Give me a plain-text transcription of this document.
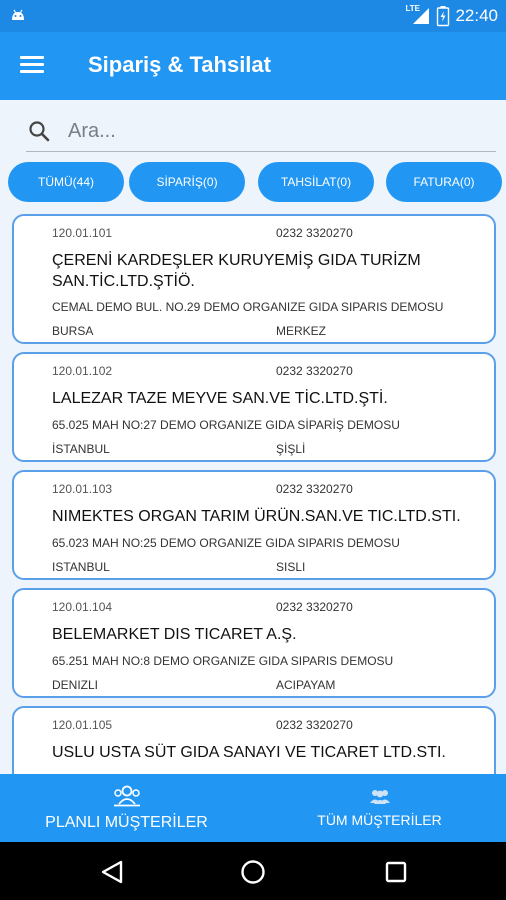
LTE 22:40
Sipariş & Tahsilat
Ara...
TÜMÜ(44)	SİPARİŞ(0)	TAHSİLAT(0)	FATURA(0)
120.01.101	0232 3320270
ÇERENİ KARDEŞLER KURUYEMİŞ GIDA TURİZM SAN.TİC.LTD.ŞTİÖ.
CEMAL DEMO BUL. NO.29 DEMO ORGANIZE GIDA SIPARIS DEMOSU
BURSA	MERKEZ
120.01.102	0232 3320270
LALEZAR TAZE MEYVE SAN.VE TİC.LTD.ŞTİ.
65.025 MAH NO:27 DEMO ORGANIZE GIDA SİPARİŞ DEMOSU
İSTANBUL	ŞİŞLİ
120.01.103	0232 3320270
NIMEKTES ORGAN TARIM ÜRÜN.SAN.VE TIC.LTD.STI.
65.023 MAH NO:25 DEMO ORGANIZE GIDA SIPARIS DEMOSU
ISTANBUL	SISLI
120.01.104	0232 3320270
BELEMARKET DIS TICARET A.Ş.
65.251 MAH NO:8 DEMO ORGANIZE GIDA SIPARIS DEMOSU
DENIZLI	ACIPAYAM
120.01.105	0232 3320270
USLU USTA SÜT GIDA SANAYI VE TICARET LTD.STI.
PLANLI MÜŞTERİLER	TÜM MÜŞTERİLER
